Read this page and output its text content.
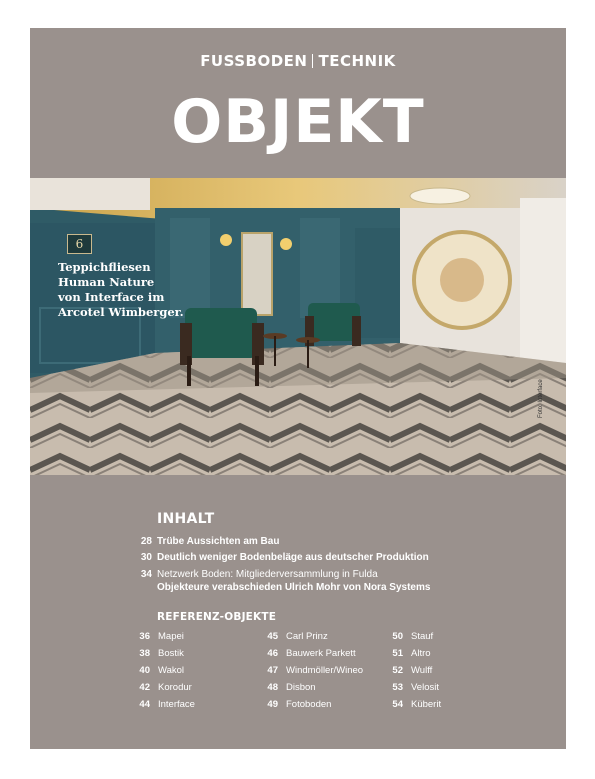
FUSSBODEN TECHNIK
OBJEKT
6
Teppichfliesen
Human Nature
von Interface im
Arcotel Wimberger.
INHALT
28 Trübe Aussichten am Bau
30 Deutlich weniger Bodenbeläge aus deutscher Produktion
34 Netzwerk Boden: Mitgliederversammlung in Fulda
Objekteure verabschieden Ulrich Mohr von Nora Systems
REFERENZ-OBJEKTE
36 Mapei
38 Bostik
40 Wakol
42 Korodur
44 Interface
45 Carl Prinz
46 Bauwerk Parkett
47 Windmöller/Wineo
48 Disbon
49 Fotoboden
50 Stauf
51 Altro
52 Wulff
53 Velosit
54 Küberit
Foto: Interface
